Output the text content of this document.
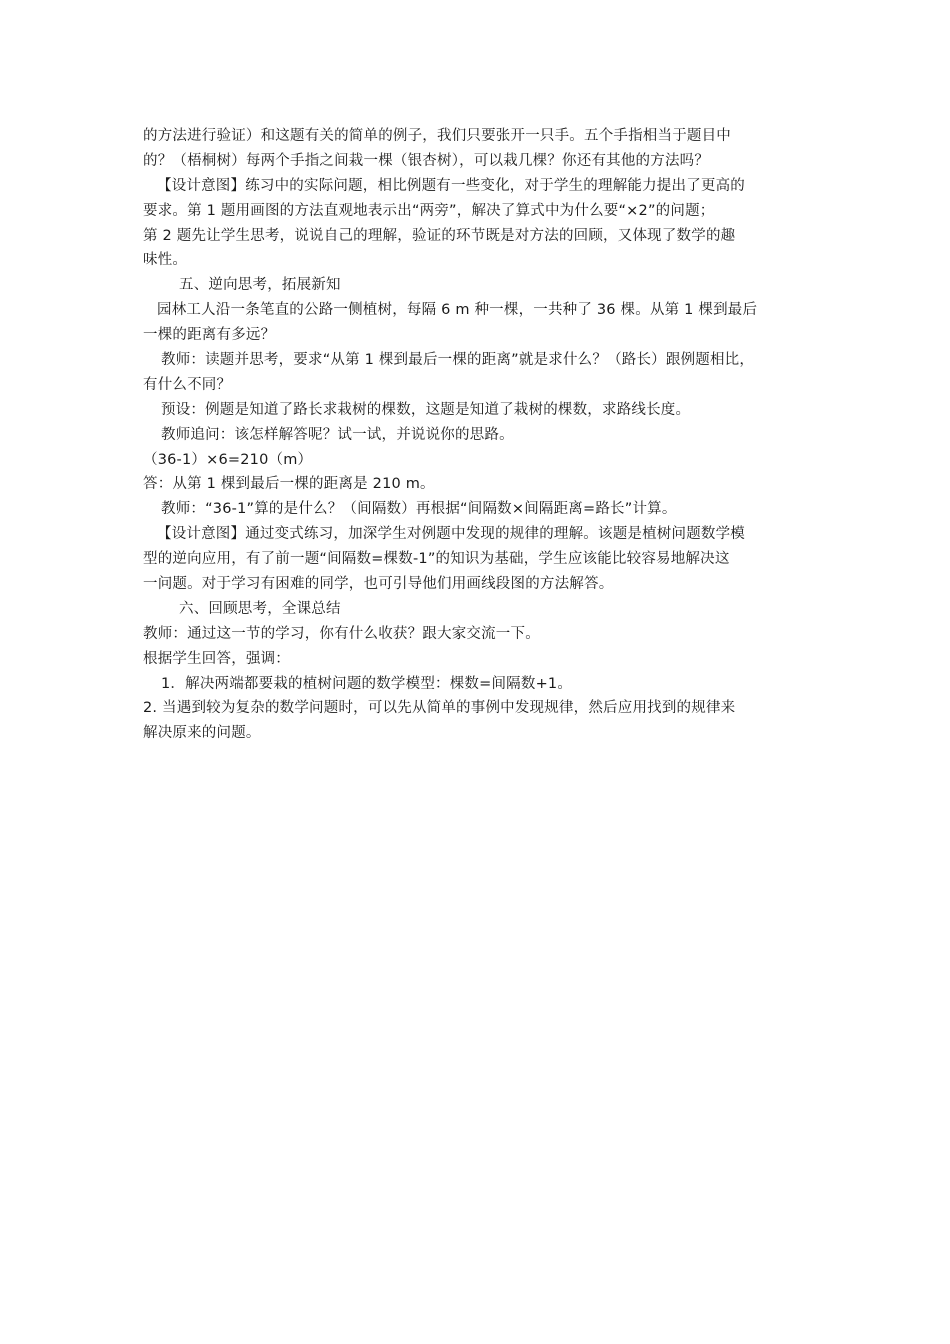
的方法进行验证）和这题有关的简单的例子，我们只要张开一只手。五个手指相当于题目中
的？（梧桐树）每两个手指之间栽一棵（银杏树），可以栽几棵？你还有其他的方法吗？
【设计意图】练习中的实际问题，相比例题有一些变化，对于学生的理解能力提出了更高的
要求。第 1 题用画图的方法直观地表示出“两旁”，解决了算式中为什么要“×2”的问题；
第 2 题先让学生思考，说说自己的理解，验证的环节既是对方法的回顾，又体现了数学的趣
味性。
五、逆向思考，拓展新知
园林工人沿一条笔直的公路一侧植树，每隔 6 m 种一棵，一共种了 36 棵。从第 1 棵到最后
一棵的距离有多远？
教师：读题并思考，要求“从第 1 棵到最后一棵的距离”就是求什么？（路长）跟例题相比，
有什么不同？
预设：例题是知道了路长求栽树的棵数，这题是知道了栽树的棵数，求路线长度。
教师追问：该怎样解答呢？试一试，并说说你的思路。
（36-1）×6=210（m）
答：从第 1 棵到最后一棵的距离是 210 m。
教师：“36-1”算的是什么？（间隔数）再根据“间隔数×间隔距离=路长”计算。
【设计意图】通过变式练习，加深学生对例题中发现的规律的理解。该题是植树问题数学模
型的逆向应用，有了前一题“间隔数=棵数-1”的知识为基础，学生应该能比较容易地解决这
一问题。对于学习有困难的同学，也可引导他们用画线段图的方法解答。
六、回顾思考，全课总结
教师：通过这一节的学习，你有什么收获？跟大家交流一下。
根据学生回答，强调：
1．解决两端都要栽的植树问题的数学模型：棵数=间隔数+1。
2. 当遇到较为复杂的数学问题时，可以先从简单的事例中发现规律，然后应用找到的规律来
解决原来的问题。
